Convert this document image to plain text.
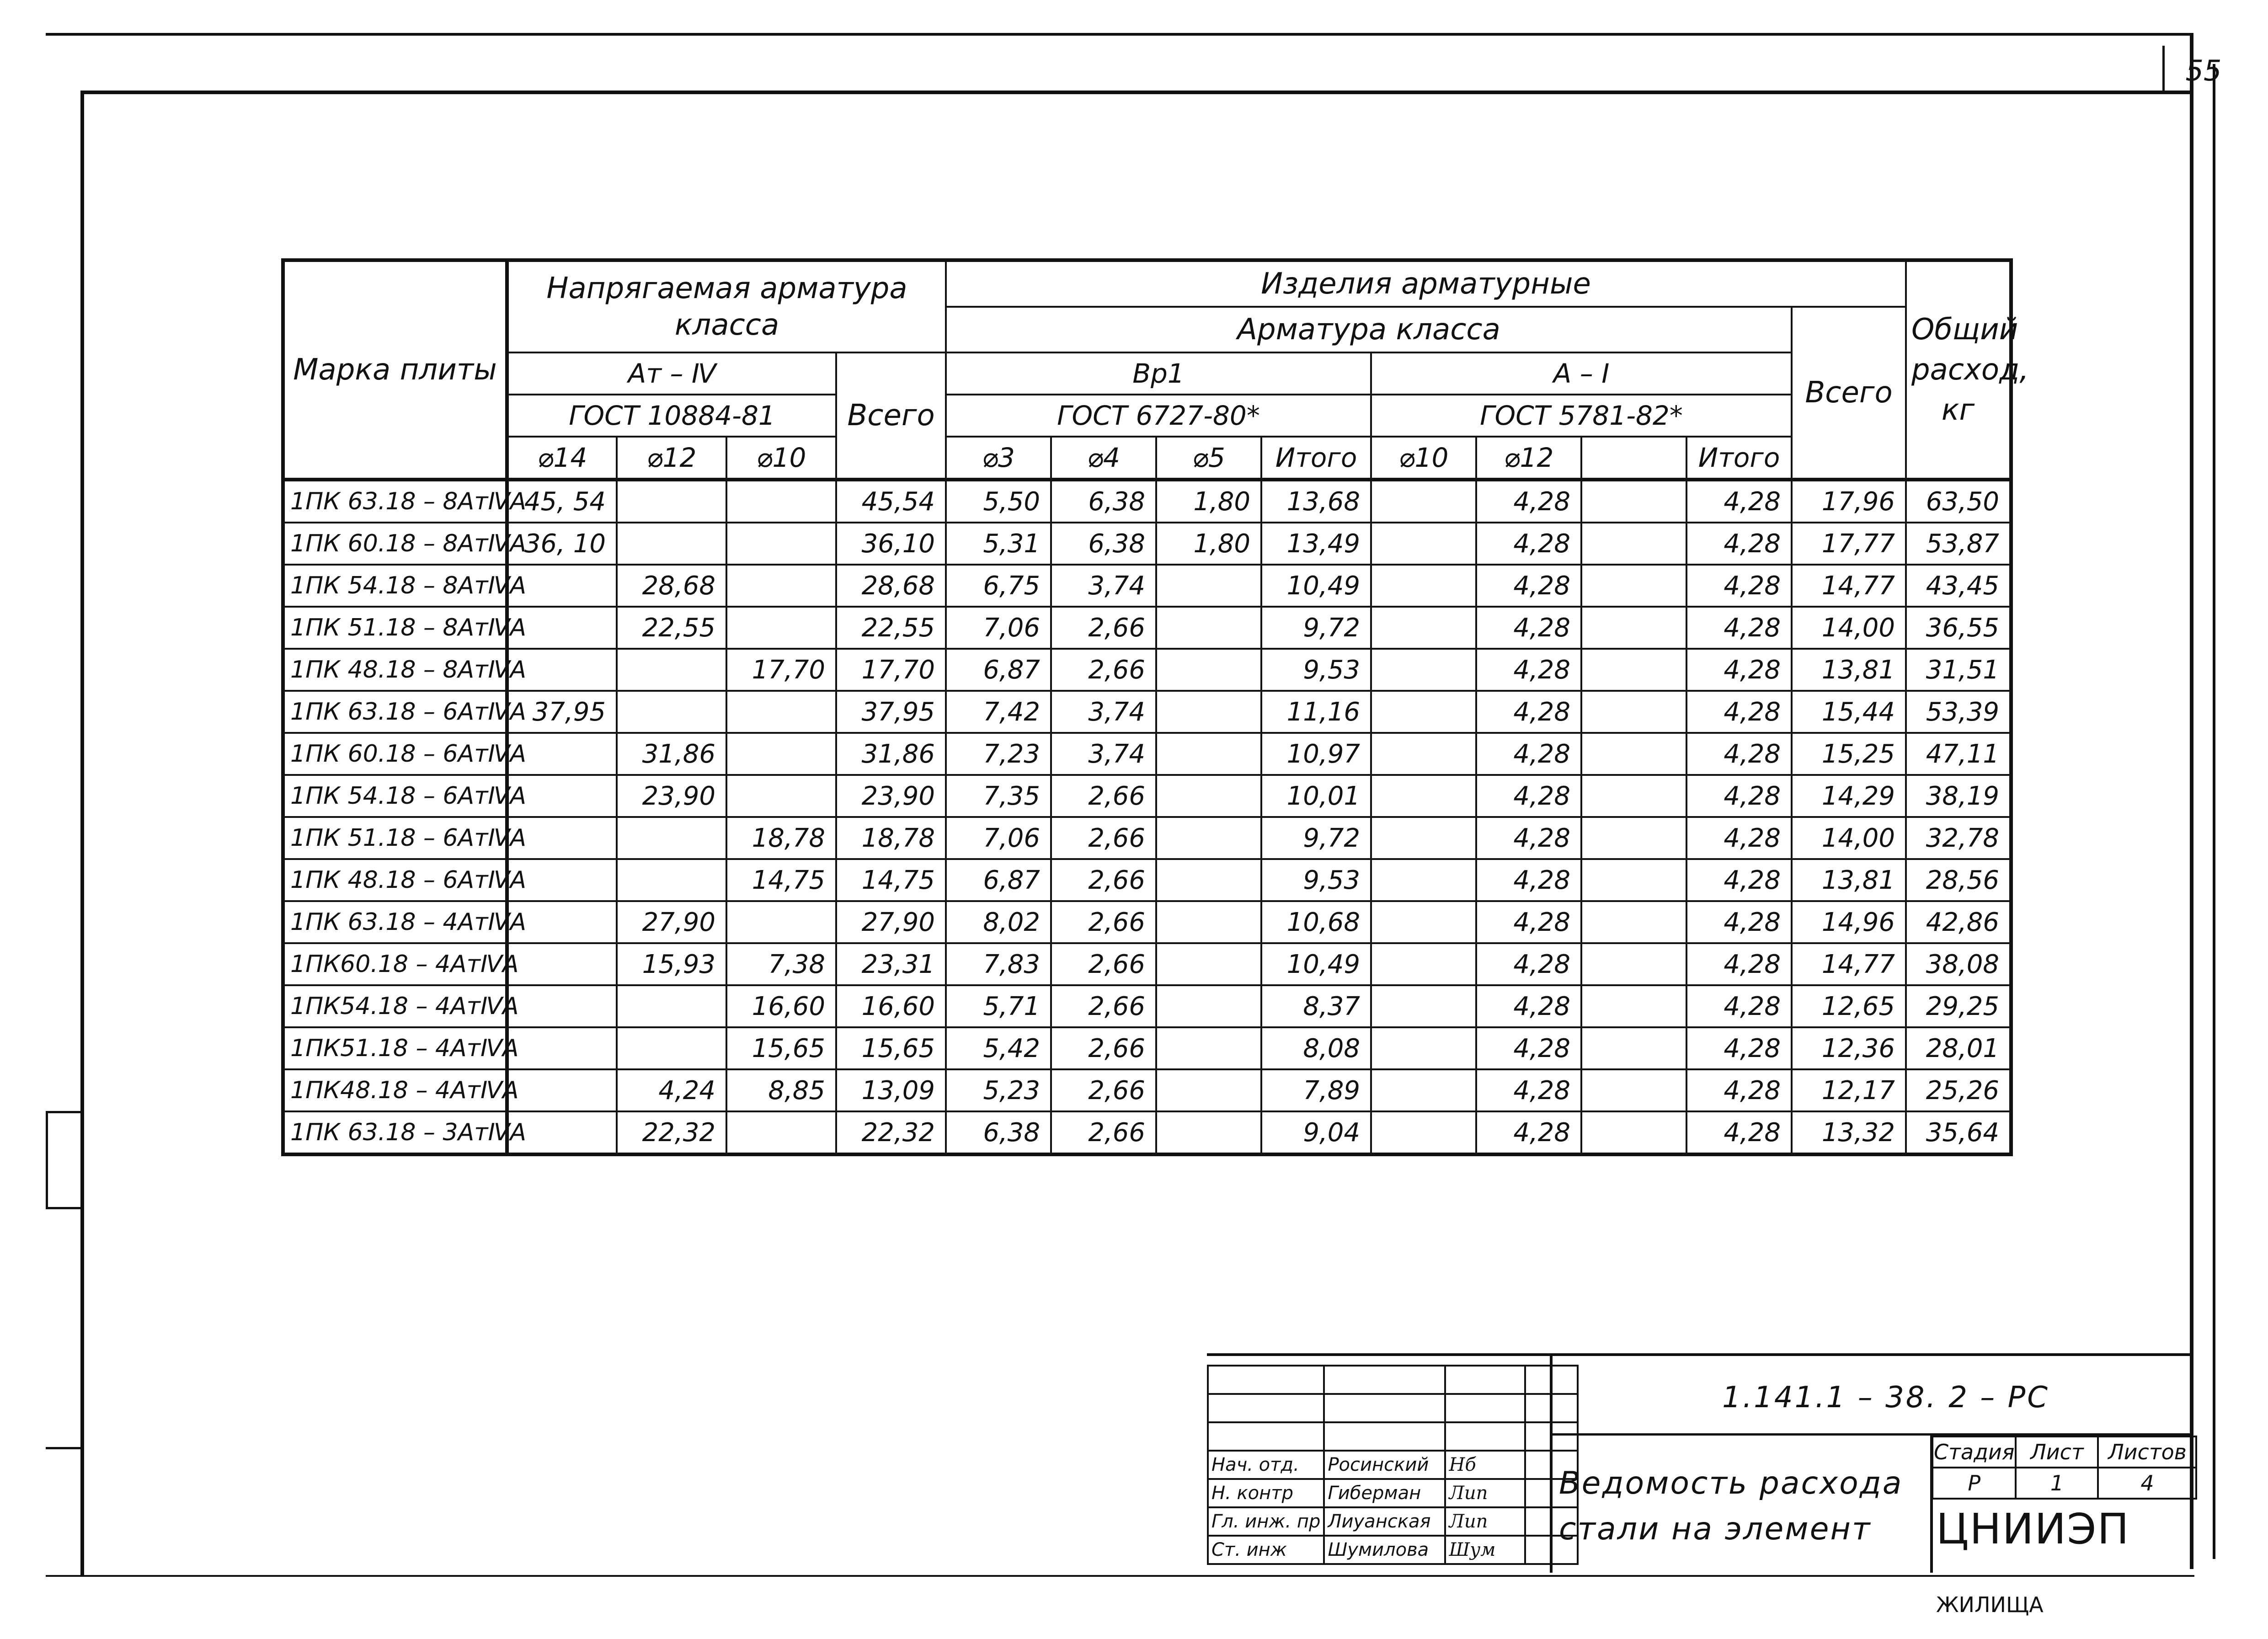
55
Марка плиты	Напрягаемая арматура класса				Изделия арматурные									Общий расход, кг
					Арматура класса								Всего	
	Ат – Ⅳ			Всего	Вр1				А – Ⅰ					
	ГОСТ 10884-81				ГОСТ 6727-80*				ГОСТ 5781-82*					
	⌀14	⌀12	⌀10		⌀3	⌀4	⌀5	Итого	⌀10	⌀12		Итого		
1ПК 63.18 – 8АтⅣА	45, 54			45,54	5,50	6,38	1,80	13,68		4,28		4,28	17,96	63,50
1ПК 60.18 – 8АтⅣА	36, 10			36,10	5,31	6,38	1,80	13,49		4,28		4,28	17,77	53,87
1ПК 54.18 – 8АтⅣА		28,68		28,68	6,75	3,74		10,49		4,28		4,28	14,77	43,45
1ПК 51.18 – 8АтⅣА		22,55		22,55	7,06	2,66		9,72		4,28		4,28	14,00	36,55
1ПК 48.18 – 8АтⅣА			17,70	17,70	6,87	2,66		9,53		4,28		4,28	13,81	31,51
1ПК 63.18 – 6АтⅣА	37,95			37,95	7,42	3,74		11,16		4,28		4,28	15,44	53,39
1ПК 60.18 – 6АтⅣА		31,86		31,86	7,23	3,74		10,97		4,28		4,28	15,25	47,11
1ПК 54.18 – 6АтⅣА		23,90		23,90	7,35	2,66		10,01		4,28		4,28	14,29	38,19
1ПК 51.18 – 6АтⅣА			18,78	18,78	7,06	2,66		9,72		4,28		4,28	14,00	32,78
1ПК 48.18 – 6АтⅣА			14,75	14,75	6,87	2,66		9,53		4,28		4,28	13,81	28,56
1ПК 63.18 – 4АтⅣА		27,90		27,90	8,02	2,66		10,68		4,28		4,28	14,96	42,86
1ПК60.18 – 4АтⅣА		15,93	7,38	23,31	7,83	2,66		10,49		4,28		4,28	14,77	38,08
1ПК54.18 – 4АтⅣА			16,60	16,60	5,71	2,66		8,37		4,28		4,28	12,65	29,25
1ПК51.18 – 4АтⅣА			15,65	15,65	5,42	2,66		8,08		4,28		4,28	12,36	28,01
1ПК48.18 – 4АтⅣА		4,24	8,85	13,09	5,23	2,66		7,89		4,28		4,28	12,17	25,26
1ПК 63.18 – 3АтⅣА		22,32		22,32	6,38	2,66		9,04		4,28		4,28	13,32	35,64

Нач. отд.	Росинский	Нб	
Н. контр	Гиберман	Лип	
Гл. инж. пр	Лиуанская	Лип	
Ст. инж	Шумилова	Шум	
1.141.1 – 38. 2 – РС
Ведомость расхода
стали на элемент
Стадия	Лист	Листов
Р	1	4
ЦНИИЭП ЖИЛИЩА
